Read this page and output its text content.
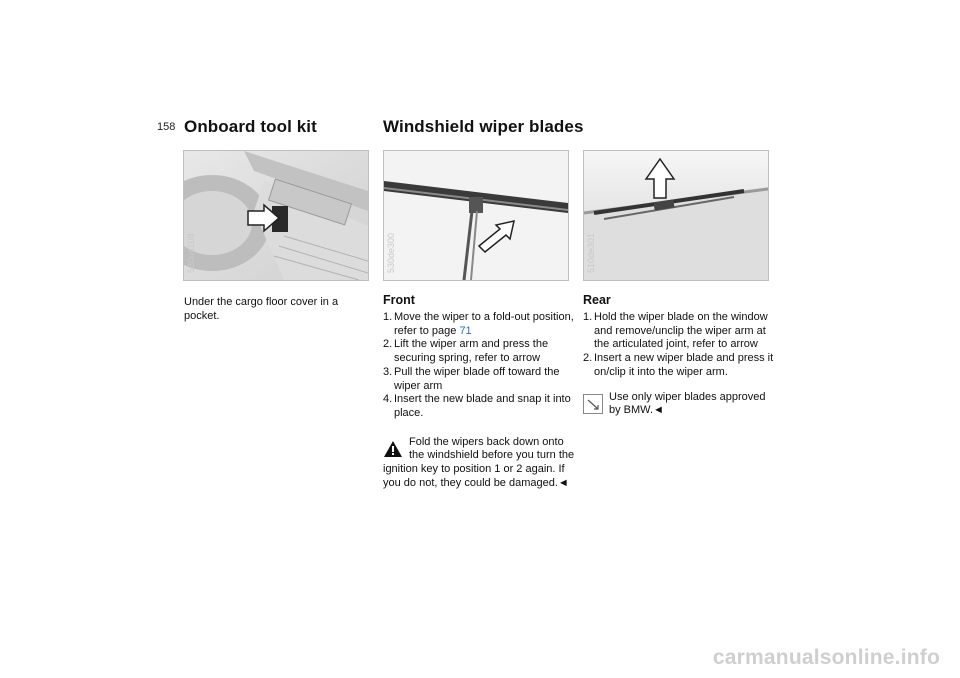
158 Onboard tool kit	Windshield wiper blades
530us108	530de300	510de301
Under the cargo floor cover in a pocket.
Front
1. Move the wiper to a fold-out position, refer to page 71
2. Lift the wiper arm and press the securing spring, refer to arrow
3. Pull the wiper blade off toward the wiper arm
4. Insert the new blade and snap it into place.
Fold the wipers back down onto
the windshield before you turn the
ignition key to position 1 or 2 again. If you do not, they could be damaged.◄
Rear
1. Hold the wiper blade on the window and remove/unclip the wiper arm at the articulated joint, refer to arrow
2. Insert a new wiper blade and press it on/clip it into the wiper arm.
Use only wiper blades approved by BMW.◄
carmanualsonline.info
